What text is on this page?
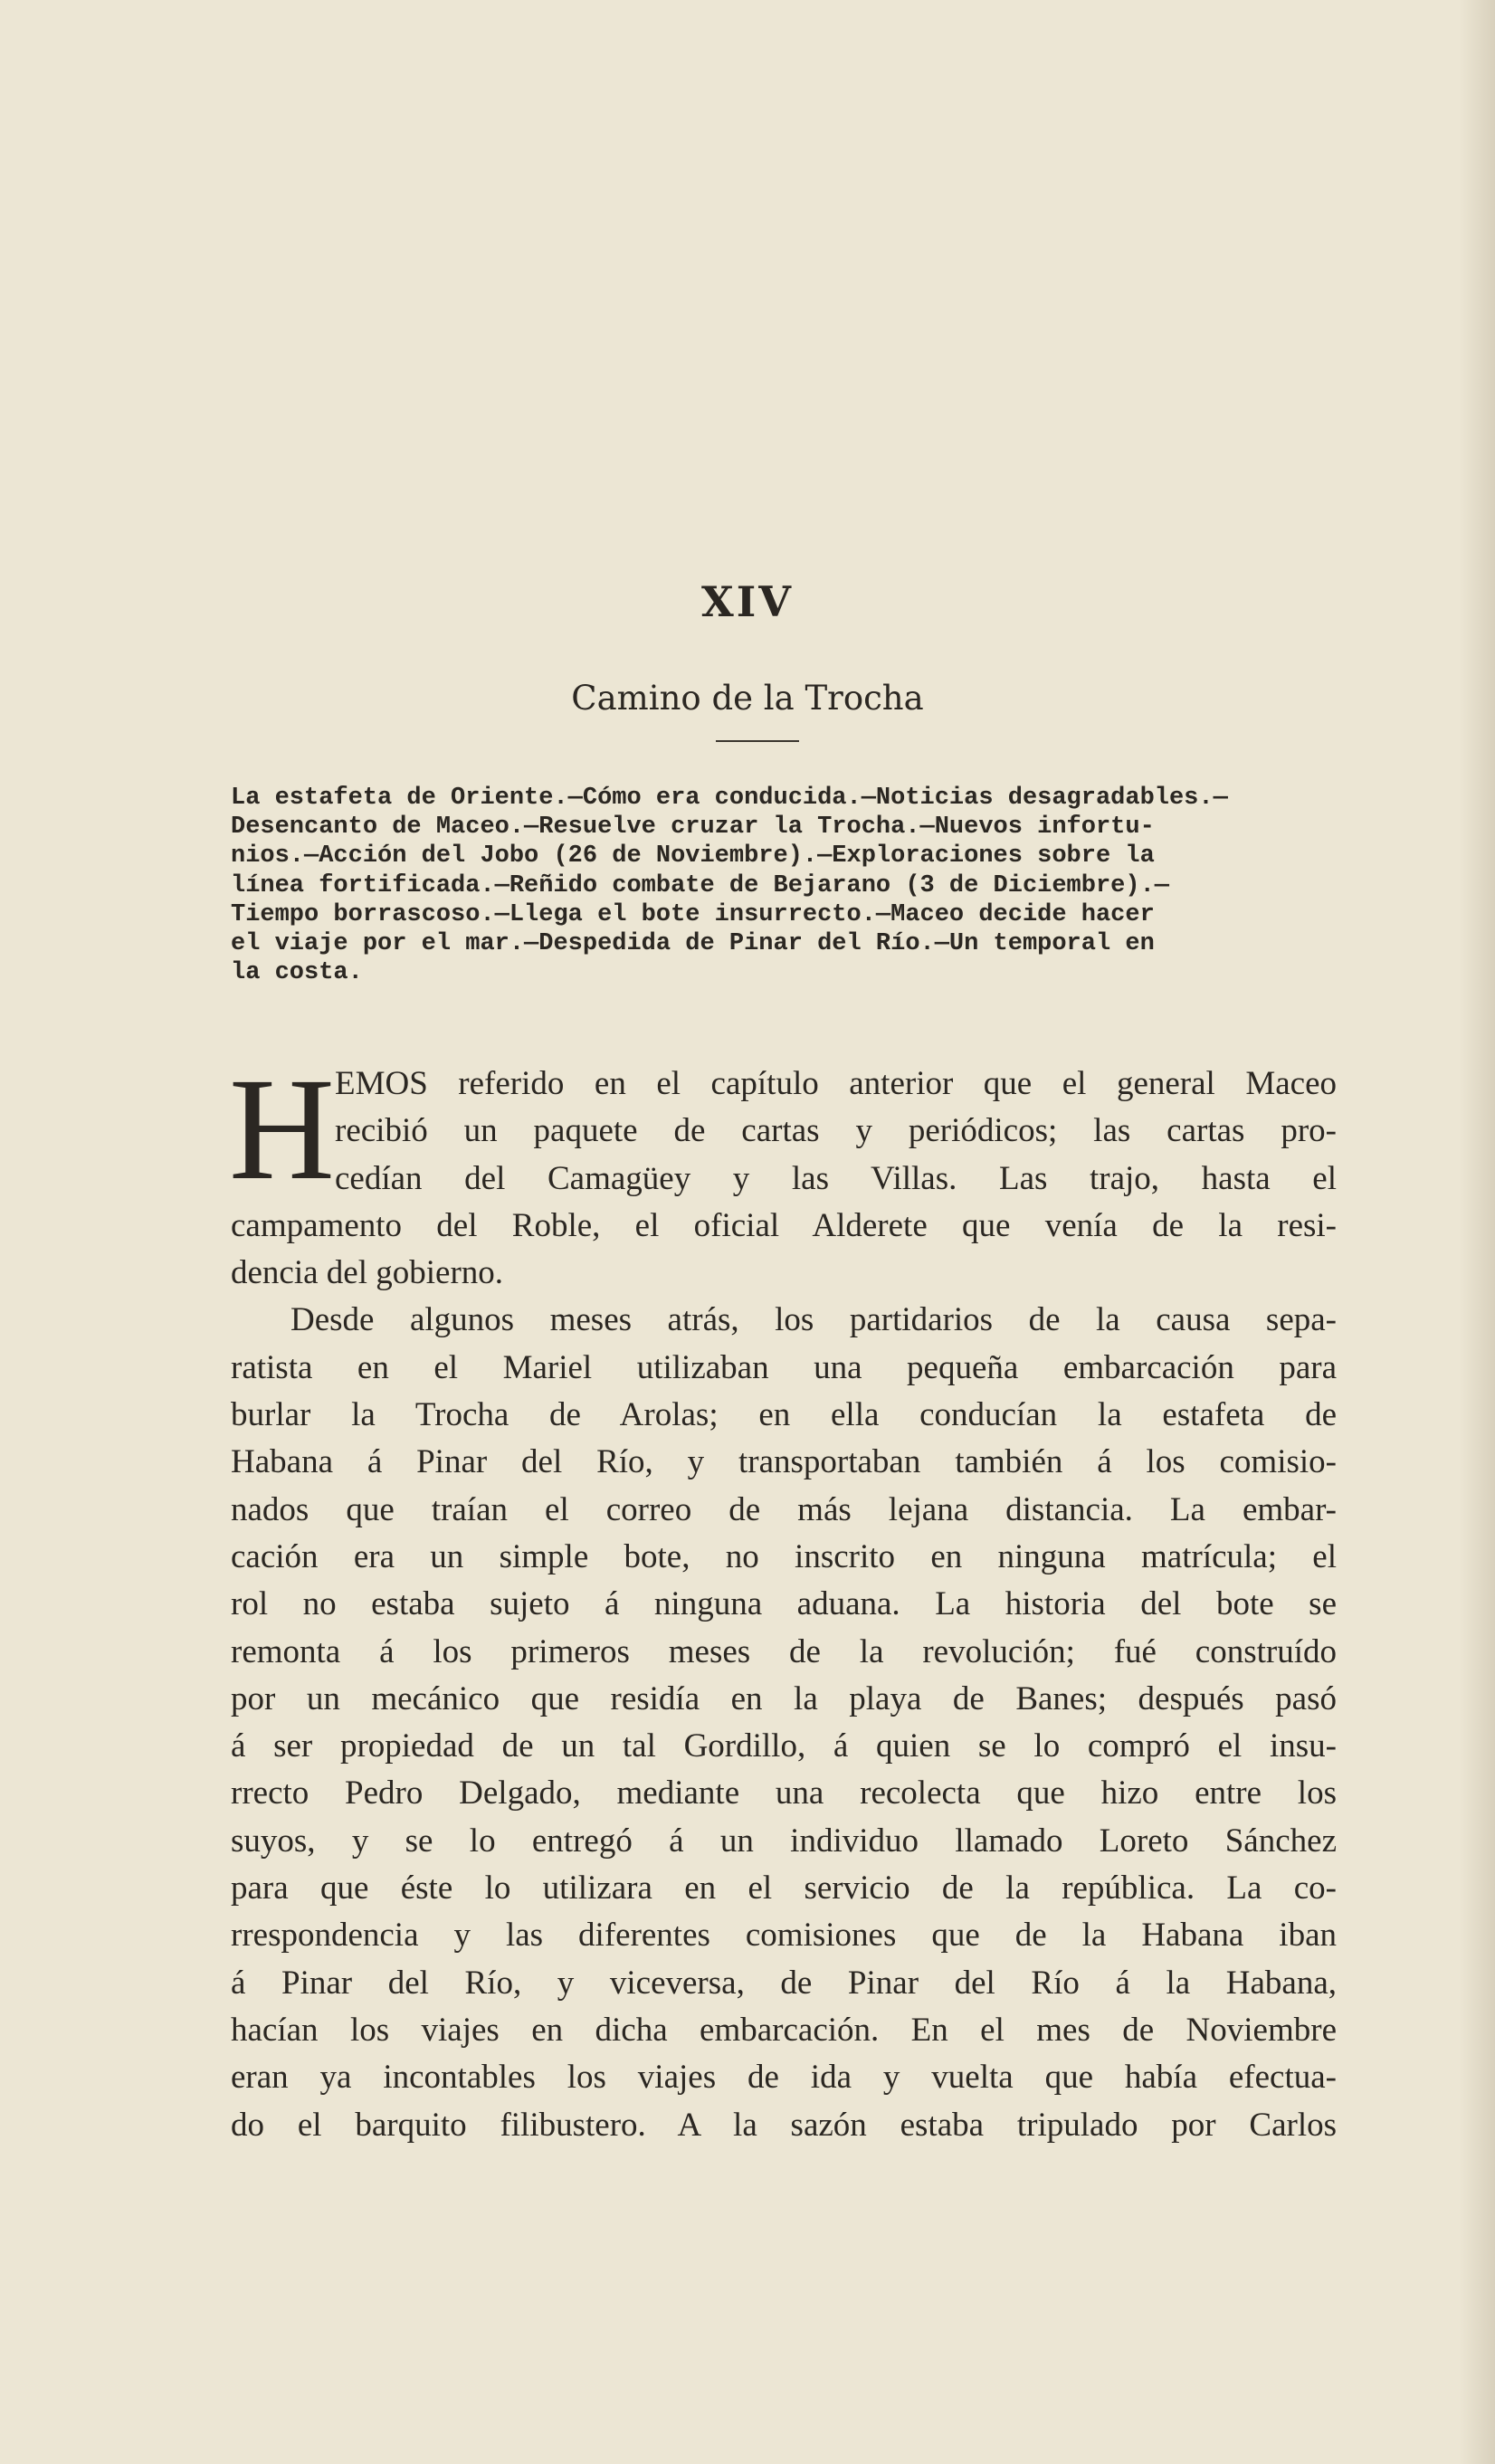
XIV
Camino de la Trocha
La estafeta de Oriente.—Cómo era conducida.—Noticias desagradables.—
Desencanto de Maceo.—Resuelve cruzar la Trocha.—Nuevos infortu-
nios.—Acción del Jobo (26 de Noviembre).—Exploraciones sobre la
línea fortificada.—Reñido combate de Bejarano (3 de Diciembre).—
Tiempo borrascoso.—Llega el bote insurrecto.—Maceo decide hacer
el viaje por el mar.—Despedida de Pinar del Río.—Un temporal en
la costa.
H EMOS referido en el capítulo anterior que el general Maceo
recibió un paquete de cartas y periódicos; las cartas pro-
cedían del Camagüey y las Villas. Las trajo, hasta el
campamento del Roble, el oficial Alderete que venía de la resi-
dencia del gobierno.
Desde algunos meses atrás, los partidarios de la causa sepa-
ratista en el Mariel utilizaban una pequeña embarcación para
burlar la Trocha de Arolas; en ella conducían la estafeta de
Habana á Pinar del Río, y transportaban también á los comisio-
nados que traían el correo de más lejana distancia. La embar-
cación era un simple bote, no inscrito en ninguna matrícula; el
rol no estaba sujeto á ninguna aduana. La historia del bote se
remonta á los primeros meses de la revolución; fué construído
por un mecánico que residía en la playa de Banes; después pasó
á ser propiedad de un tal Gordillo, á quien se lo compró el insu-
rrecto Pedro Delgado, mediante una recolecta que hizo entre los
suyos, y se lo entregó á un individuo llamado Loreto Sánchez
para que éste lo utilizara en el servicio de la república. La co-
rrespondencia y las diferentes comisiones que de la Habana iban
á Pinar del Río, y viceversa, de Pinar del Río á la Habana,
hacían los viajes en dicha embarcación. En el mes de Noviembre
eran ya incontables los viajes de ida y vuelta que había efectua-
do el barquito filibustero. A la sazón estaba tripulado por Carlos
